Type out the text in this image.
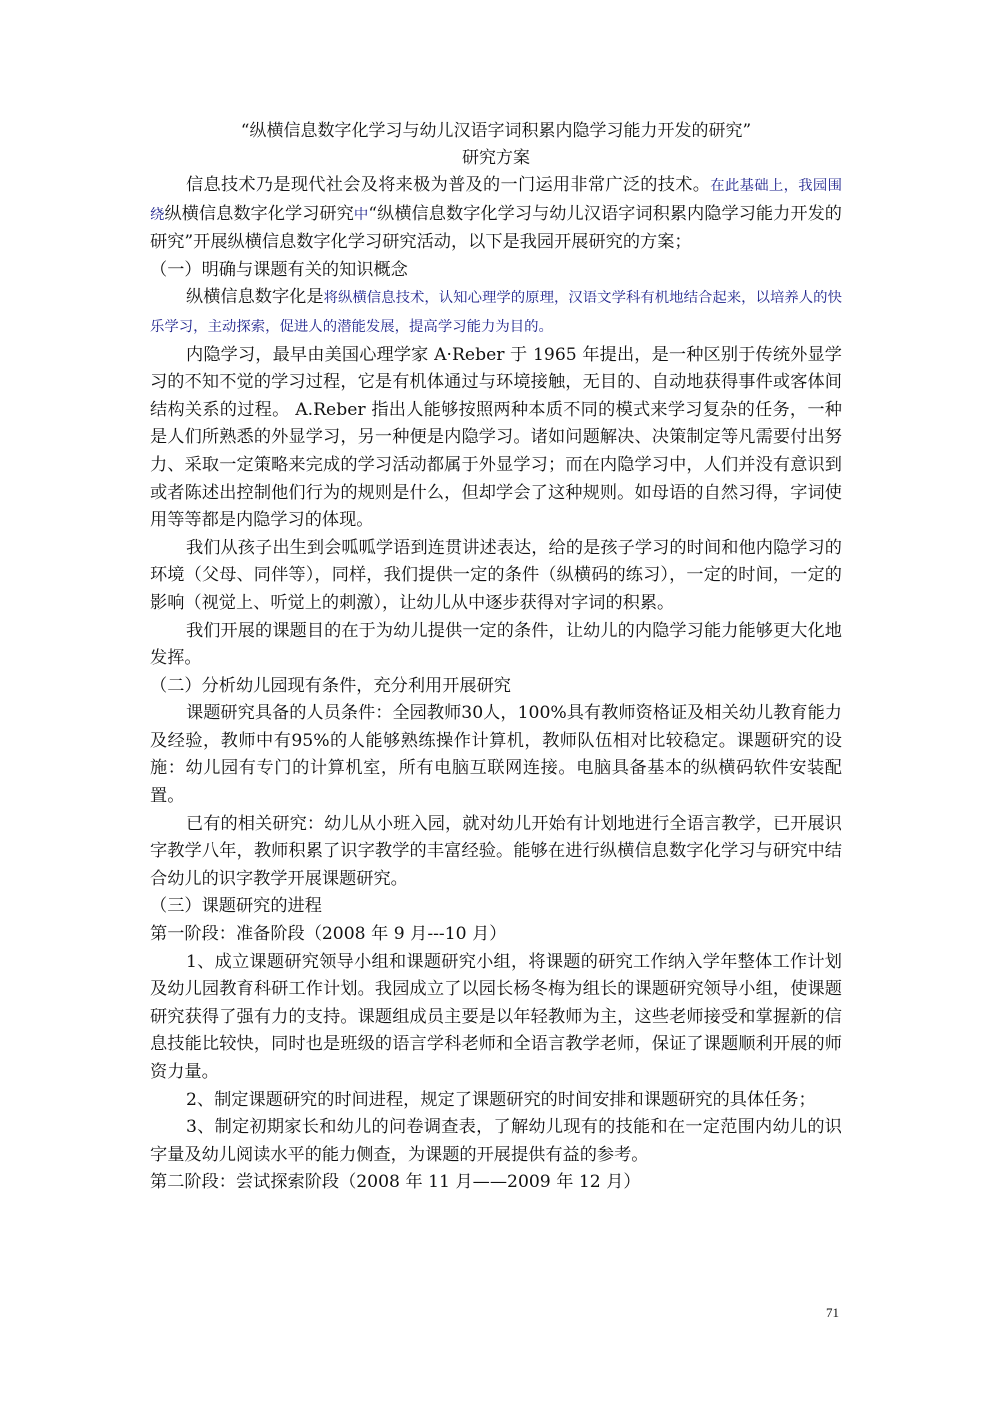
“纵横信息数字化学习与幼儿汉语字词积累内隐学习能力开发的研究”

研究方案

信息技术乃是现代社会及将来极为普及的一门运用非常广泛的技术。在此基础上，我园围绕纵横信息数字化学习研究中“纵横信息数字化学习与幼儿汉语字词积累内隐学习能力开发的研究”开展纵横信息数字化学习研究活动，以下是我园开展研究的方案；

（一）明确与课题有关的知识概念

纵横信息数字化是将纵横信息技术，认知心理学的原理，汉语文学科有机地结合起来，以培养人的快乐学习，主动探索，促进人的潜能发展，提高学习能力为目的。

内隐学习，最早由美国心理学家 A·Reber 于 1965 年提出，是一种区别于传统外显学习的不知不觉的学习过程，它是有机体通过与环境接触，无目的、自动地获得事件或客体间结构关系的过程。 A.Reber 指出人能够按照两种本质不同的模式来学习复杂的任务，一种是人们所熟悉的外显学习，另一种便是内隐学习。诸如问题解决、决策制定等凡需要付出努力、采取一定策略来完成的学习活动都属于外显学习；而在内隐学习中，人们并没有意识到或者陈述出控制他们行为的规则是什么，但却学会了这种规则。如母语的自然习得，字词使用等等都是内隐学习的体现。

我们从孩子出生到会呱呱学语到连贯讲述表达，给的是孩子学习的时间和他内隐学习的环境（父母、同伴等），同样，我们提供一定的条件（纵横码的练习），一定的时间，一定的影响（视觉上、听觉上的刺激），让幼儿从中逐步获得对字词的积累。

我们开展的课题目的在于为幼儿提供一定的条件，让幼儿的内隐学习能力能够更大化地发挥。

（二）分析幼儿园现有条件，充分利用开展研究

课题研究具备的人员条件：全园教师30人，100%具有教师资格证及相关幼儿教育能力及经验，教师中有95%的人能够熟练操作计算机，教师队伍相对比较稳定。课题研究的设施：幼儿园有专门的计算机室，所有电脑互联网连接。电脑具备基本的纵横码软件安装配置。

已有的相关研究：幼儿从小班入园，就对幼儿开始有计划地进行全语言教学，已开展识字教学八年，教师积累了识字教学的丰富经验。能够在进行纵横信息数字化学习与研究中结合幼儿的识字教学开展课题研究。

（三）课题研究的进程

第一阶段：准备阶段（2008 年 9 月---10 月）

1、成立课题研究领导小组和课题研究小组，将课题的研究工作纳入学年整体工作计划及幼儿园教育科研工作计划。我园成立了以园长杨冬梅为组长的课题研究领导小组，使课题研究获得了强有力的支持。课题组成员主要是以年轻教师为主，这些老师接受和掌握新的信息技能比较快，同时也是班级的语言学科老师和全语言教学老师，保证了课题顺利开展的师资力量。

2、制定课题研究的时间进程，规定了课题研究的时间安排和课题研究的具体任务；

3、制定初期家长和幼儿的问卷调查表，了解幼儿现有的技能和在一定范围内幼儿的识字量及幼儿阅读水平的能力侧查，为课题的开展提供有益的参考。

第二阶段：尝试探索阶段（2008 年 11 月——2009 年 12 月）

71
